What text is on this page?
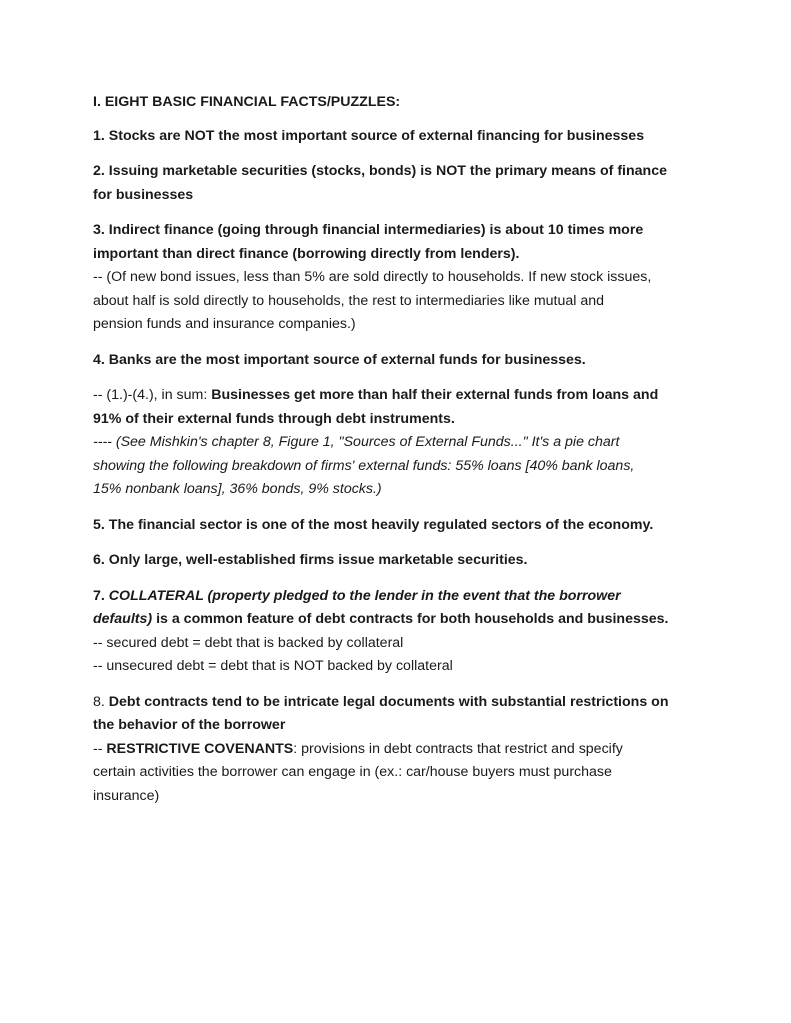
I. EIGHT BASIC FINANCIAL FACTS/PUZZLES:
1. Stocks are NOT the most important source of external financing for businesses
2. Issuing marketable securities (stocks, bonds) is NOT the primary means of finance
for businesses
3. Indirect finance (going through financial intermediaries) is about 10 times more
important than direct finance (borrowing directly from lenders).
-- (Of new bond issues, less than 5% are sold directly to households. If new stock issues,
about half is sold directly to households, the rest to intermediaries like mutual and
pension funds and insurance companies.)
4. Banks are the most important source of external funds for businesses.
-- (1.)-(4.), in sum: Businesses get more than half their external funds from loans and
91% of their external funds through debt instruments.
---- (See Mishkin's chapter 8, Figure 1, "Sources of External Funds..." It's a pie chart
showing the following breakdown of firms' external funds: 55% loans [40% bank loans,
15% nonbank loans], 36% bonds, 9% stocks.)
5. The financial sector is one of the most heavily regulated sectors of the economy.
6. Only large, well-established firms issue marketable securities.
7. COLLATERAL (property pledged to the lender in the event that the borrower
defaults) is a common feature of debt contracts for both households and businesses.
-- secured debt = debt that is backed by collateral
-- unsecured debt = debt that is NOT backed by collateral
8. Debt contracts tend to be intricate legal documents with substantial restrictions on
the behavior of the borrower
-- RESTRICTIVE COVENANTS: provisions in debt contracts that restrict and specify
certain activities the borrower can engage in (ex.: car/house buyers must purchase
insurance)
